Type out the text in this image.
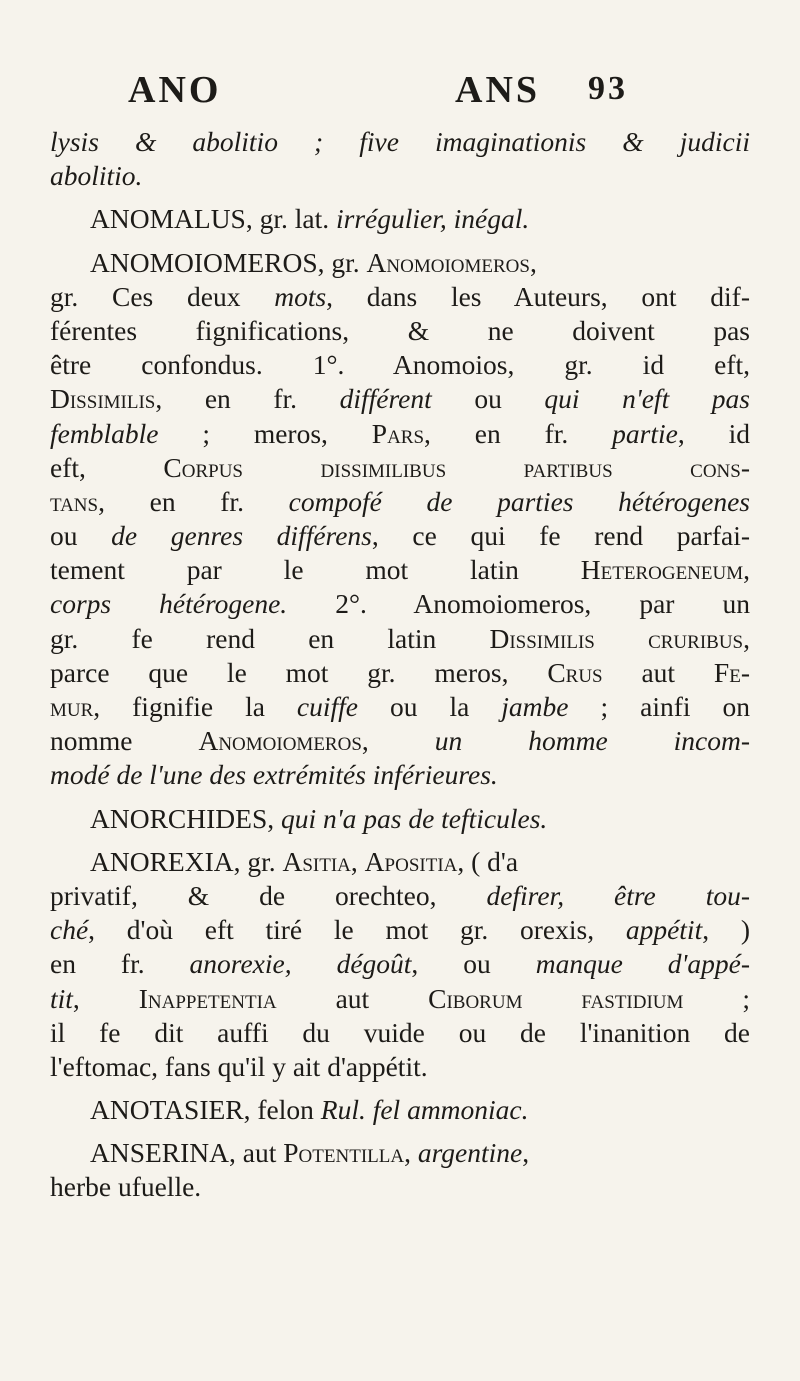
ANO	ANS 93
lysis & abolitio ; five imaginationis & judicii
abolitio.
ANOMALUS, gr. lat. irrégulier, inégal.
ANOMOIOMEROS, gr. Anomoiomeros,
gr. Ces deux mots, dans les Auteurs, ont dif-
férentes fignifications, & ne doivent pas
être confondus. 1°. Anomoios, gr. id eft,
Dissimilis, en fr. différent ou qui n'eft pas
femblable ; meros, Pars, en fr. partie, id
eft, Corpus dissimilibus partibus cons-
tans, en fr. compofé de parties hétérogenes
ou de genres différens, ce qui fe rend parfai-
tement par le mot latin Heterogeneum,
corps hétérogene. 2°. Anomoiomeros, par un
gr. fe rend en latin Dissimilis cruribus,
parce que le mot gr. meros, Crus aut Fe-
mur, fignifie la cuiffe ou la jambe ; ainfi on
nomme Anomoiomeros, un homme incom-
modé de l'une des extrémités inférieures.
ANORCHIDES, qui n'a pas de tefticules.
ANOREXIA, gr. Asitia, Apositia, ( d'a
privatif, & de orechteo, defirer, être tou-
ché, d'où eft tiré le mot gr. orexis, appétit, )
en fr. anorexie, dégoût, ou manque d'appé-
tit, Inappetentia aut Ciborum fastidium ;
il fe dit auffi du vuide ou de l'inanition de
l'eftomac, fans qu'il y ait d'appétit.
ANOTASIER, felon Rul. fel ammoniac.
ANSERINA, aut Potentilla, argentine,
herbe ufuelle.
